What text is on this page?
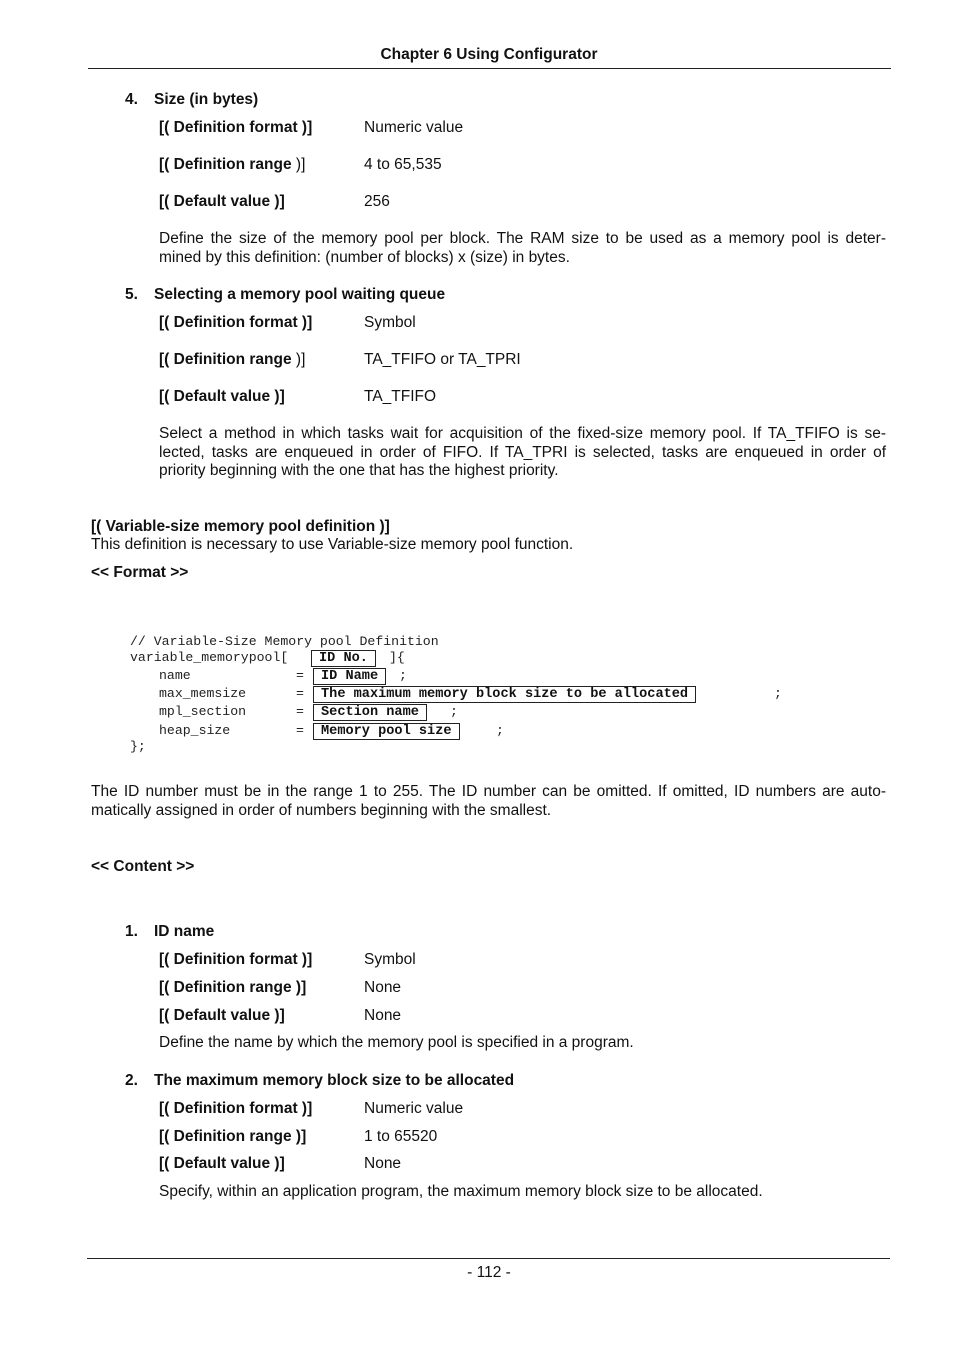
Chapter 6 Using Configurator
4. Size (in bytes)
[( Definition format )]	Numeric value
[( Definition range )]	4 to 65,535
[( Default value )]	256
Define the size of the memory pool per block. The RAM size to be used as a memory pool is deter-
mined by this definition: (number of blocks) x (size) in bytes.
5. Selecting a memory pool waiting queue
[( Definition format )]	Symbol
[( Definition range )]	TA_TFIFO or TA_TPRI
[( Default value )]	TA_TFIFO
Select a method in which tasks wait for acquisition of the fixed-size memory pool. If TA_TFIFO is se-
lected, tasks are enqueued in order of FIFO. If TA_TPRI is selected, tasks are enqueued in order of
priority beginning with the one that has the highest priority.
[( Variable-size memory pool definition )]
This definition is necessary to use Variable-size memory pool function.
<< Format >>
// Variable-Size Memory pool Definition
variable_memorypool[	ID No.	]{
name	=	ID Name	;
max_memsize	=	The maximum memory block size to be allocated	;
mpl_section	=	Section name	;
heap_size	=	Memory pool size	;
};
The ID number must be in the range 1 to 255. The ID number can be omitted. If omitted, ID numbers are auto-
matically assigned in order of numbers beginning with the smallest.
<< Content >>
1. ID name
[( Definition format )]	Symbol
[( Definition range )]	None
[( Default value )]	None
Define the name by which the memory pool is specified in a program.
2. The maximum memory block size to be allocated
[( Definition format )]	Numeric value
[( Definition range )]	1 to 65520
[( Default value )]	None
Specify, within an application program, the maximum memory block size to be allocated.
- 112 -
